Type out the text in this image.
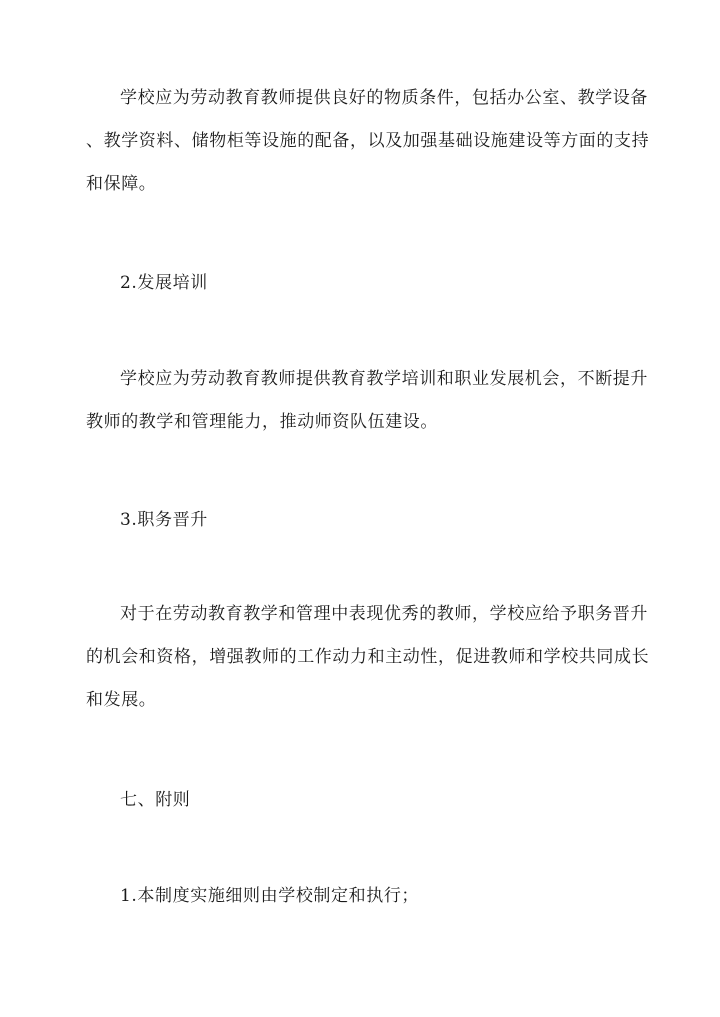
学校应为劳动教育教师提供良好的物质条件，包括办公室、教学设备
、教学资料、储物柜等设施的配备，以及加强基础设施建设等方面的支持
和保障。
2.发展培训
学校应为劳动教育教师提供教育教学培训和职业发展机会，不断提升
教师的教学和管理能力，推动师资队伍建设。
3.职务晋升
对于在劳动教育教学和管理中表现优秀的教师，学校应给予职务晋升
的机会和资格，增强教师的工作动力和主动性，促进教师和学校共同成长
和发展。
七、附则
1.本制度实施细则由学校制定和执行；
